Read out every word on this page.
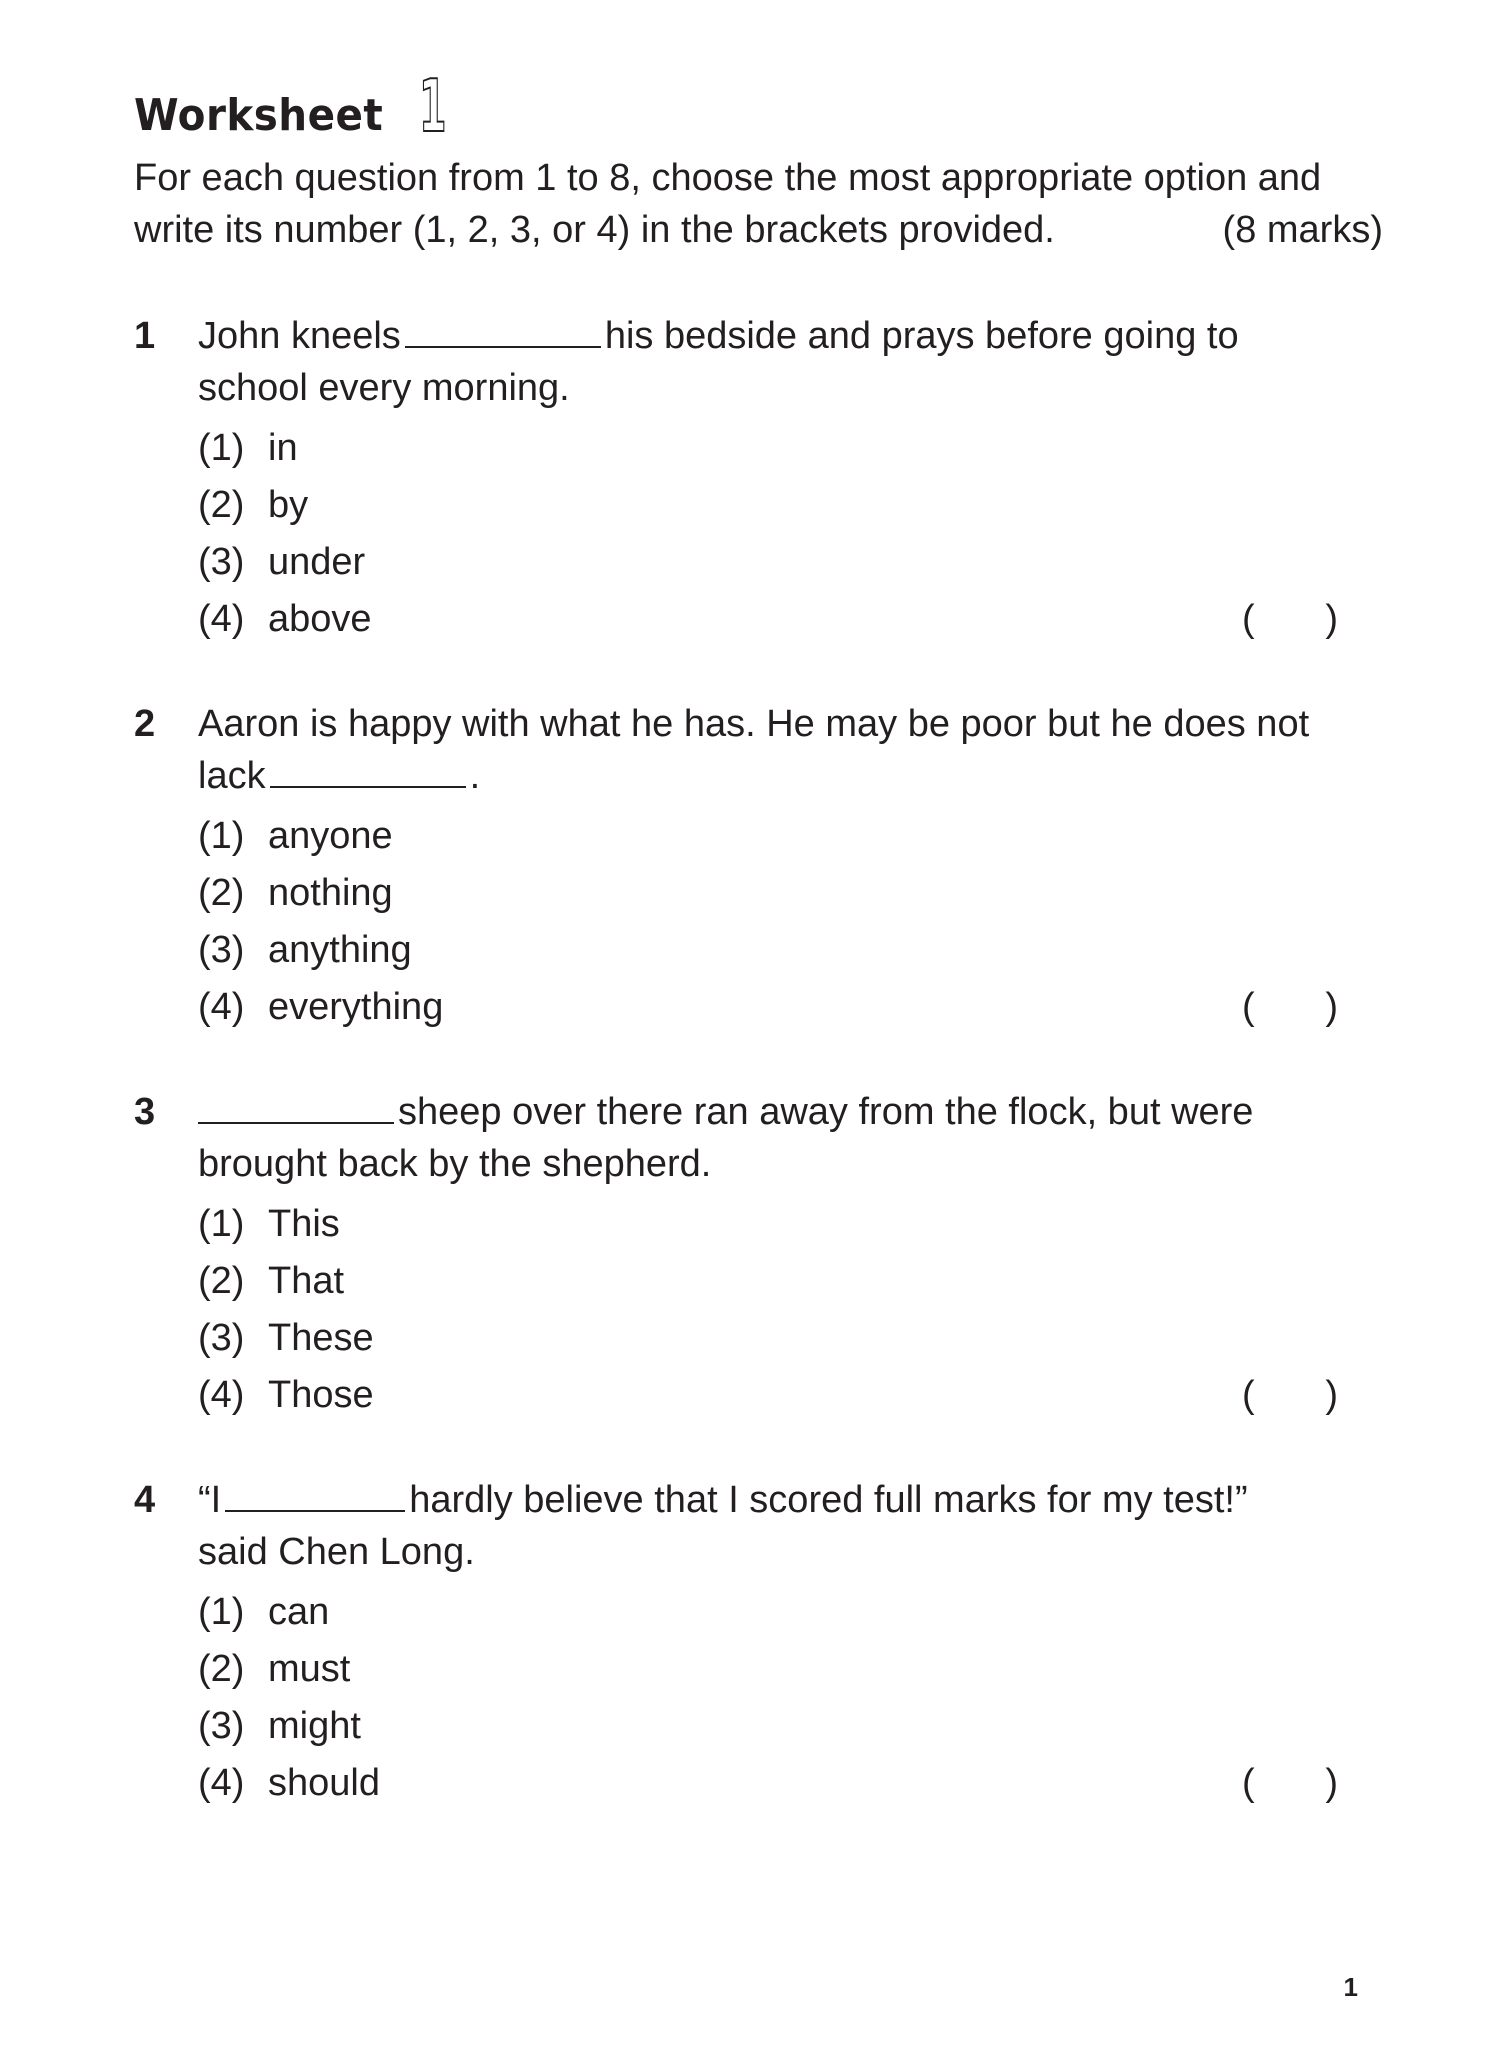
Worksheet 1
For each question from 1 to 8, choose the most appropriate option and
write its number (1, 2, 3, or 4) in the brackets provided.	(8 marks)
1 John kneels	his bedside and prays before going to
school every morning.
(1) in
(2) by
(3) under
(4) above	( )
2 Aaron is happy with what he has. He may be poor but he does not
lack	.
(1) anyone
(2) nothing
(3) anything
(4) everything	( )
3	sheep over there ran away from the flock, but were
brought back by the shepherd.
(1) This
(2) That
(3) These
(4) Those	( )
4 “I	hardly believe that I scored full marks for my test!”
said Chen Long.
(1) can
(2) must
(3) might
(4) should	( )
1
